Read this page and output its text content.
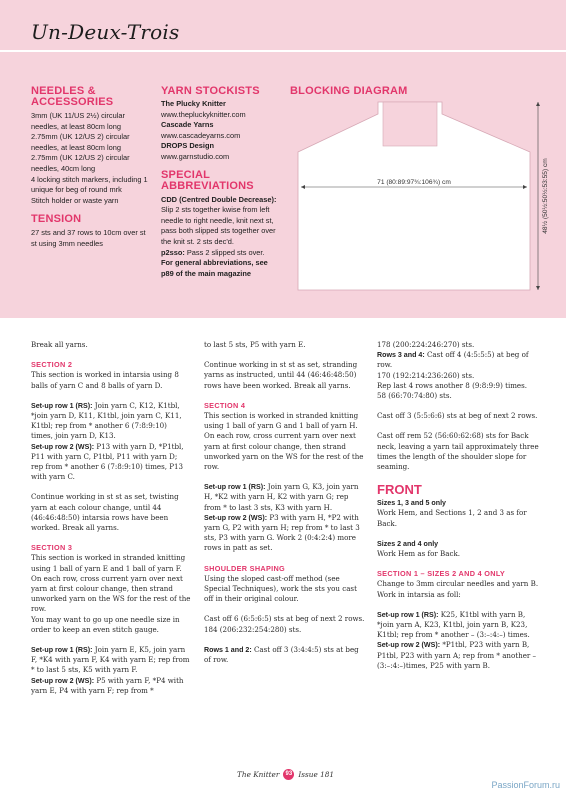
Un-Deux-Trois
NEEDLES & ACCESSORIES
3mm (UK 11/US 2½) circular needles, at least 80cm long
2.75mm (UK 12/US 2) circular needles, at least 80cm long
2.75mm (UK 12/US 2) circular needles, 40cm long
4 locking stitch markers, including 1 unique for beg of round mrk
Stitch holder or waste yarn
TENSION
27 sts and 37 rows to 10cm over st st using 3mm needles
YARN STOCKISTS
The Plucky Knitter
www.thepluckyknitter.com
Cascade Yarns
www.cascadeyarns.com
DROPS Design
www.garnstudio.com
SPECIAL ABBREVIATIONS
CDD (Centred Double Decrease): Slip 2 sts together kwise from left needle to right needle, knit next st, pass both slipped sts together over the knit st. 2 sts dec'd.
p2sso: Pass 2 slipped sts over.
For general abbreviations, see p89 of the main magazine
BLOCKING DIAGRAM
71 (80:89:97¾:106¾) cm	48½ (50½:50½:53:55) cm
Break all yarns.
SECTION 2
This section is worked in intarsia using 8 balls of yarn C and 8 balls of yarn D.
Set-up row 1 (RS): Join yarn C, K12, K1tbl, *join yarn D, K11, K1tbl, join yarn C, K11, K1tbl; rep from * another 6 (7:8:9:10) times, join yarn D, K13.
Set-up row 2 (WS): P13 with yarn D, *P1tbl, P11 with yarn C, P1tbl, P11 with yarn D; rep from * another 6 (7:8:9:10) times, P13 with yarn C.
Continue working in st st as set, twisting yarn at each colour change, until 44 (46:46:48:50) intarsia rows have been worked. Break all yarns.
SECTION 3
This section is worked in stranded knitting using 1 ball of yarn E and 1 ball of yarn F.
On each row, cross current yarn over next yarn at first colour change, then strand unworked yarn on the WS for the rest of the row.
You may want to go up one needle size in order to keep an even stitch gauge.
Set-up row 1 (RS): Join yarn E, K5, join yarn F, *K4 with yarn F, K4 with yarn E; rep from * to last 5 sts, K5 with yarn F.
Set-up row 2 (WS): P5 with yarn F, *P4 with yarn E, P4 with yarn F; rep from *
to last 5 sts, P5 with yarn E.
Continue working in st st as set, stranding yarns as instructed, until 44 (46:46:48:50) rows have been worked. Break all yarns.
SECTION 4
This section is worked in stranded knitting using 1 ball of yarn G and 1 ball of yarn H.
On each row, cross current yarn over next yarn at first colour change, then strand unworked yarn on the WS for the rest of the row.
Set-up row 1 (RS): Join yarn G, K3, join yarn H, *K2 with yarn H, K2 with yarn G; rep from * to last 3 sts, K3 with yarn H.
Set-up row 2 (WS): P3 with yarn H, *P2 with yarn G, P2 with yarn H; rep from * to last 3 sts, P3 with yarn G. Work 2 (0:4:2:4) more rows in patt as set.
SHOULDER SHAPING
Using the sloped cast-off method (see Special Techniques), work the sts you cast off in their original colour.
Cast off 6 (6:5:6:5) sts at beg of next 2 rows.
184 (206:232:254:280) sts.
Rows 1 and 2: Cast off 3 (3:4:4:5) sts at beg of row.
178 (200:224:246:270) sts.
Rows 3 and 4: Cast off 4 (4:5:5:5) at beg of row.
170 (192:214:236:260) sts.
Rep last 4 rows another 8 (9:8:9:9) times.
58 (66:70:74:80) sts.
Cast off 3 (5:5:6:6) sts at beg of next 2 rows.
Cast off rem 52 (56:60:62:68) sts for Back neck, leaving a yarn tail approximately three times the length of the shoulder slope for seaming.
FRONT
Sizes 1, 3 and 5 only
Work Hem, and Sections 1, 2 and 3 as for Back.
Sizes 2 and 4 only
Work Hem as for Back.
SECTION 1 – SIZES 2 AND 4 ONLY
Change to 3mm circular needles and yarn B.
Work in intarsia as foll:
Set-up row 1 (RS): K25, K1tbl with yarn B, *join yarn A, K23, K1tbl, join yarn B, K23, K1tbl; rep from * another – (3:–:4:–) times.
Set-up row 2 (WS): *P1tbl, P23 with yarn B, P1tbl, P23 with yarn A; rep from * another – (3:–:4:–)times, P25 with yarn B.
The Knitter	93 Issue 181
PassionForum.ru
